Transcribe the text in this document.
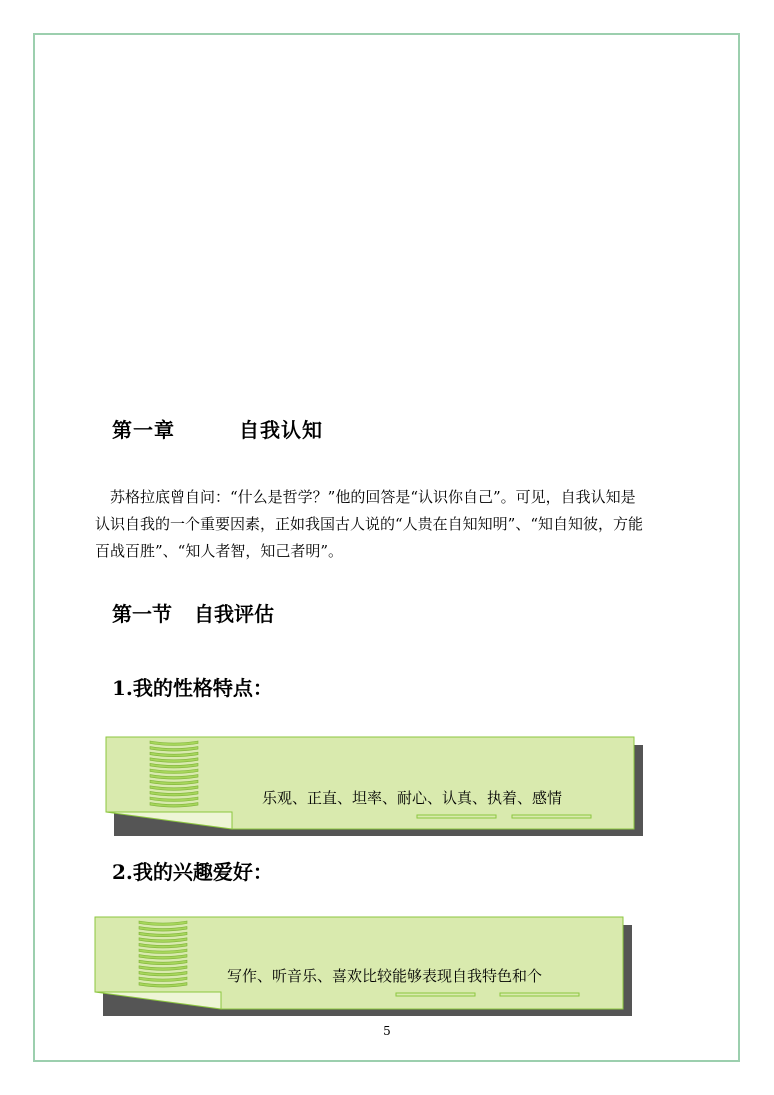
第一章	自我认知

苏格拉底曾自问：“什么是哲学？”他的回答是“认识你自己”。可见，自我认知是
认识自我的一个重要因素，正如我国古人说的“人贵在自知知明”、“知自知彼，方能
百战百胜”、“知人者智，知己者明”。

第一节 自我评估
1.我的性格特点：
乐观、正直、坦率、耐心、认真、执着、感情
2.我的兴趣爱好：
写作、听音乐、喜欢比较能够表现自我特色和个
5
